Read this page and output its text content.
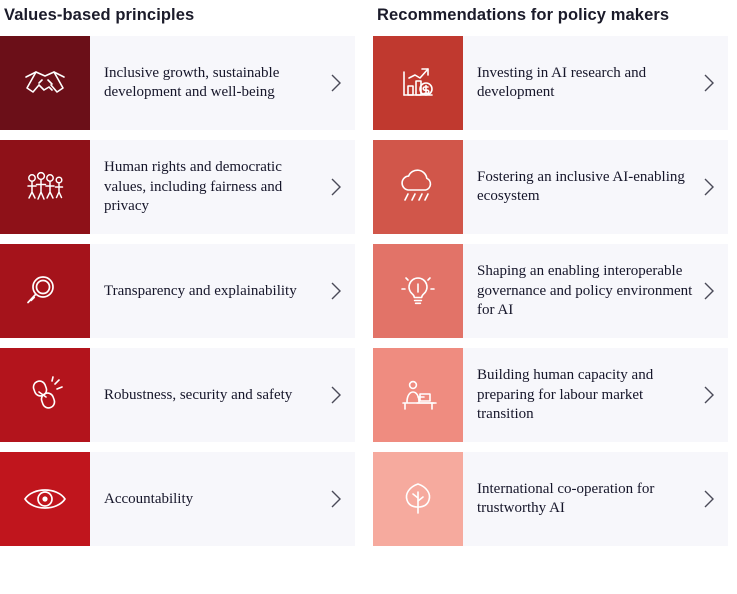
Values-based principles
Inclusive growth, sustainable development and well-being
Human rights and democratic values, including fairness and privacy
Transparency and explainability
Robustness, security and safety
Accountability
Recommendations for policy makers
Investing in AI research and development
Fostering an inclusive AI-enabling ecosystem
Shaping an enabling interoperable governance and policy environment for AI
Building human capacity and preparing for labour market transition
International co-operation for trustworthy AI
